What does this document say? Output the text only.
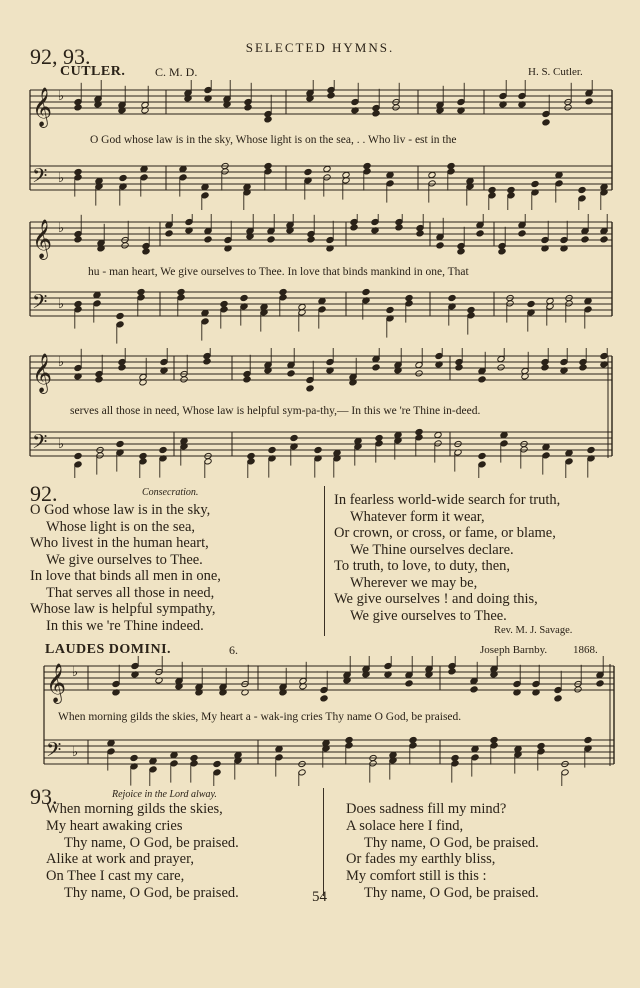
92, 93.	SELECTED HYMNS.
CUTLER. C. M. D.	H. S. Cutler.
𝄞
𝄢
♭
♭
O God whose law is in the sky, Whose light is on the sea, . . Who liv - est in the
𝄞
𝄢
♭
♭
hu - man heart, We give ourselves to Thee. In love that binds mankind in one, That
𝄞
𝄢
♭
♭
serves all those in need, Whose law is helpful sym-pa-thy,— In this we 're Thine in-deed.
92.	Consecration.
O God whose law is in the sky,
Whose light is on the sea,
Who livest in the human heart,
We give ourselves to Thee.
In love that binds all men in one,
That serves all those in need,
Whose law is helpful sympathy,
In this we 're Thine indeed.
In fearless world-wide search for truth,
Whatever form it wear,
Or crown, or cross, or fame, or blame,
We Thine ourselves declare.
To truth, to love, to duty, then,
Wherever we may be,
We give ourselves ! and doing this,
We give ourselves to Thee.
Rev. M. J. Savage.
LAUDES DOMINI.	6.	Joseph Barnby. 1868.
𝄞
𝄢
♭
♭
When morning gilds the skies, My heart a - wak-ing cries Thy name O God, be praised.
93.	Rejoice in the Lord alway.
When morning gilds the skies,
My heart awaking cries
Thy name, O God, be praised.
Alike at work and prayer,
On Thee I cast my care,
Thy name, O God, be praised.	54
Does sadness fill my mind?
A solace here I find,
Thy name, O God, be praised.
Or fades my earthly bliss,
My comfort still is this :
Thy name, O God, be praised.
